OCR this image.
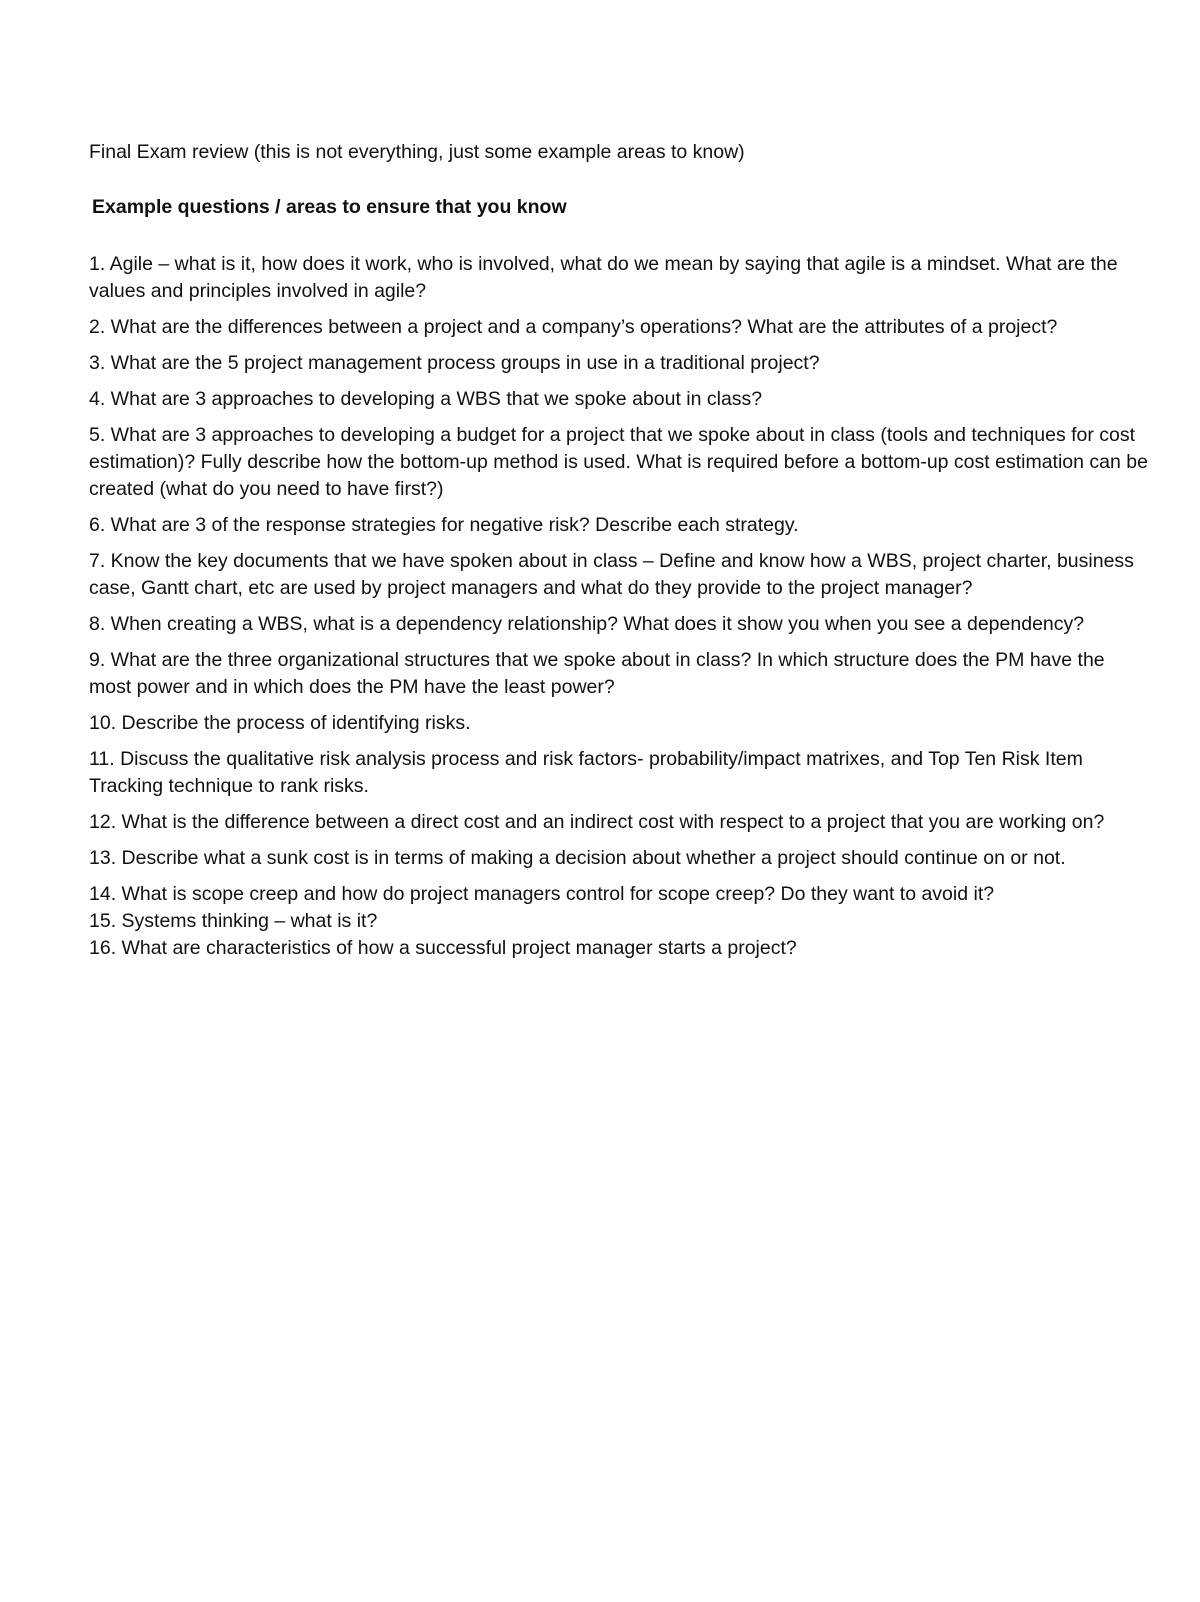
Final Exam review (this is not everything, just some example areas to know)

Example questions / areas to ensure that you know

1. Agile – what is it, how does it work, who is involved, what do we mean by saying that agile is a mindset. What are the values and principles involved in agile?
2. What are the differences between a project and a company’s operations? What are the attributes of a project?
3. What are the 5 project management process groups in use in a traditional project?
4. What are 3 approaches to developing a WBS that we spoke about in class?
5. What are 3 approaches to developing a budget for a project that we spoke about in class (tools and techniques for cost estimation)? Fully describe how the bottom-up method is used. What is required before a bottom-up cost estimation can be created (what do you need to have first?)
6. What are 3 of the response strategies for negative risk? Describe each strategy.
7. Know the key documents that we have spoken about in class – Define and know how a WBS, project charter, business case, Gantt chart, etc are used by project managers and what do they provide to the project manager?
8. When creating a WBS, what is a dependency relationship? What does it show you when you see a dependency?
9. What are the three organizational structures that we spoke about in class? In which structure does the PM have the most power and in which does the PM have the least power?
10. Describe the process of identifying risks.
11. Discuss the qualitative risk analysis process and risk factors- probability/impact matrixes, and Top Ten Risk Item Tracking technique to rank risks.
12. What is the difference between a direct cost and an indirect cost with respect to a project that you are working on?
13. Describe what a sunk cost is in terms of making a decision about whether a project should continue on or not.
14. What is scope creep and how do project managers control for scope creep? Do they want to avoid it?
15. Systems thinking – what is it?
16. What are characteristics of how a successful project manager starts a project?
